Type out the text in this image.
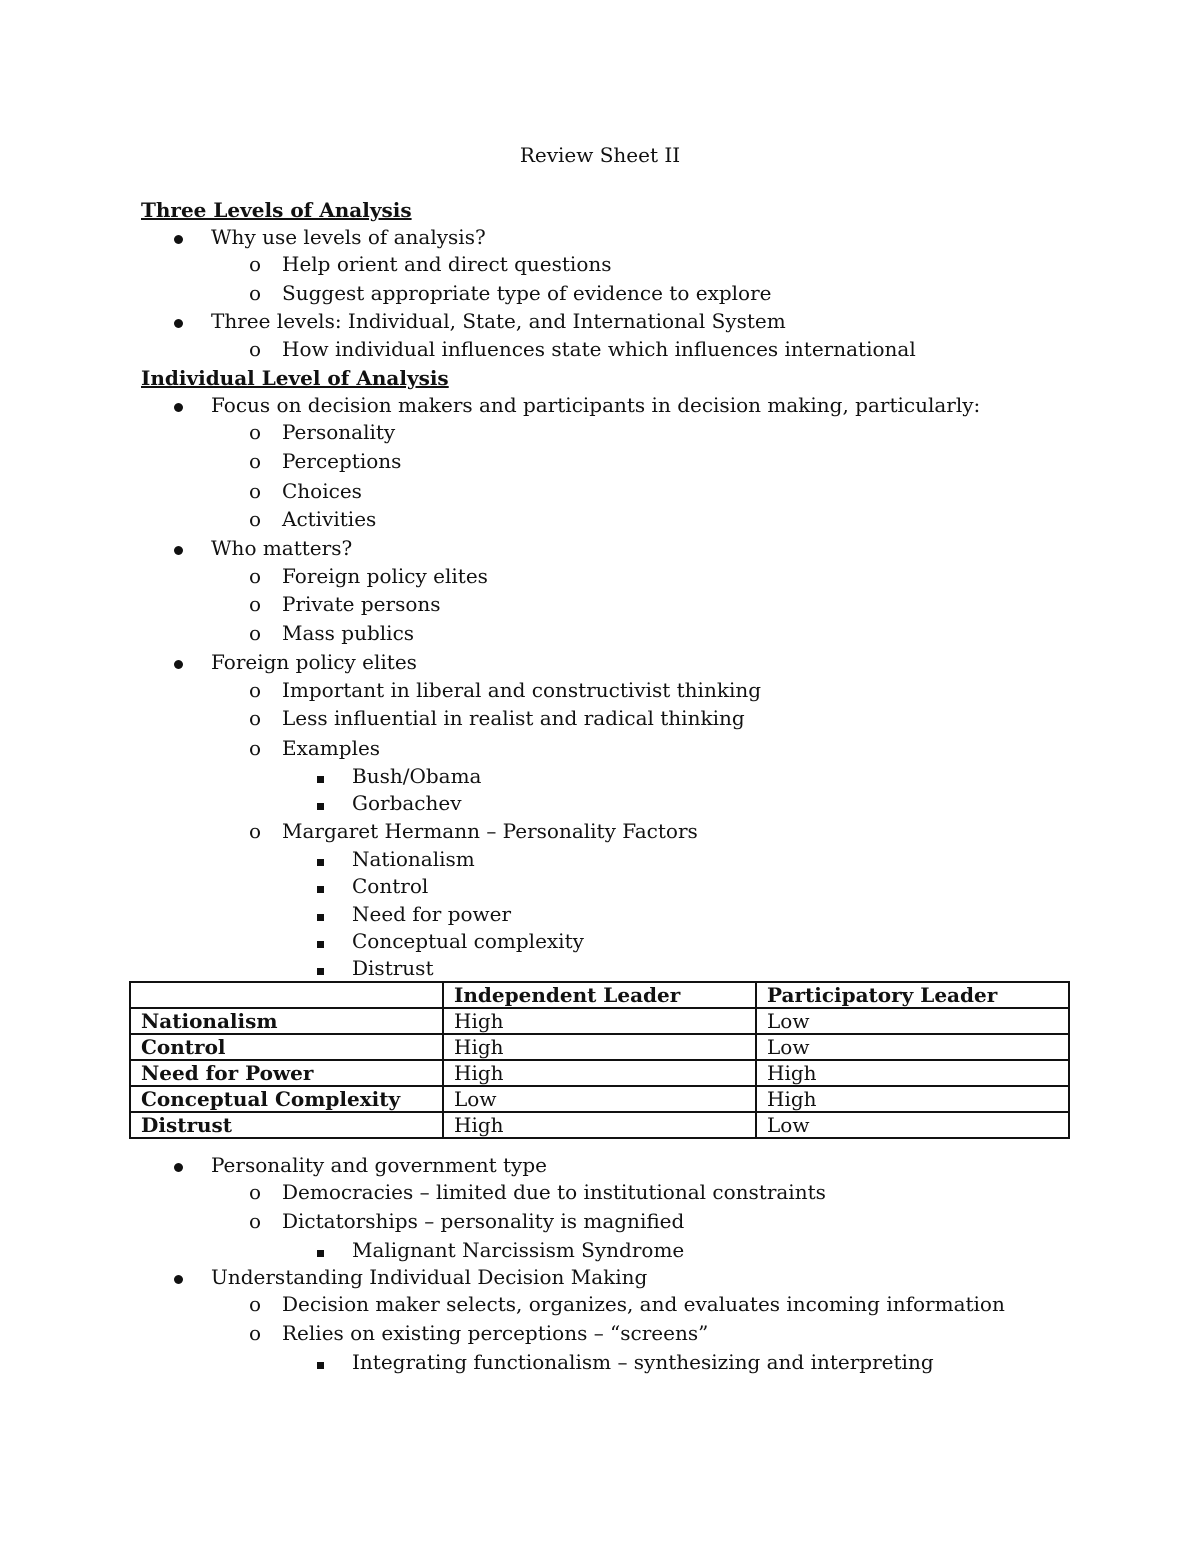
Review Sheet II
Three Levels of Analysis
Why use levels of analysis?
o Help orient and direct questions
o Suggest appropriate type of evidence to explore
Three levels: Individual, State, and International System
o How individual influences state which influences international
Individual Level of Analysis
Focus on decision makers and participants in decision making, particularly:
o Personality
o Perceptions
o Choices
o Activities
Who matters?
o Foreign policy elites
o Private persons
o Mass publics
Foreign policy elites
o Important in liberal and constructivist thinking
o Less influential in realist and radical thinking
o Examples
Bush/Obama
Gorbachev
o Margaret Hermann – Personality Factors
Nationalism
Control
Need for power
Conceptual complexity
Distrust
	Independent Leader	Participatory Leader
Nationalism	High	Low
Control	High	Low
Need for Power	High	High
Conceptual Complexity	Low	High
Distrust	High	Low
Personality and government type
o Democracies – limited due to institutional constraints
o Dictatorships – personality is magnified
Malignant Narcissism Syndrome
Understanding Individual Decision Making
o Decision maker selects, organizes, and evaluates incoming information
o Relies on existing perceptions – “screens”
Integrating functionalism – synthesizing and interpreting
